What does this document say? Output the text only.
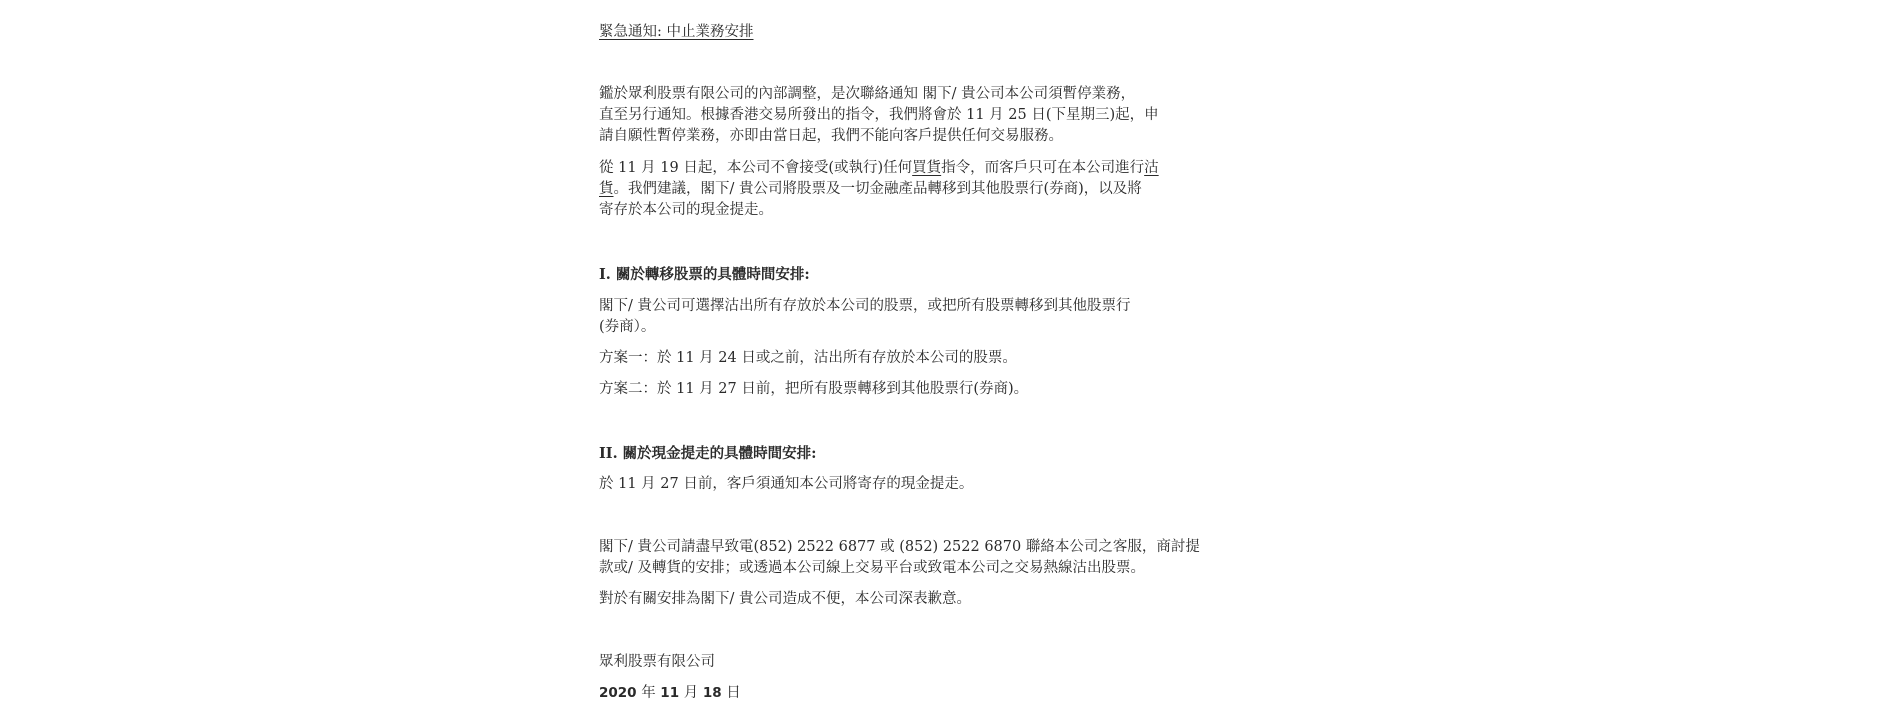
緊急通知: 中止業務安排
鑑於眾利股票有限公司的內部調整，是次聯絡通知 閣下/ 貴公司本公司須暫停業務，
直至另行通知。根據香港交易所發出的指令，我們將會於 11 月 25 日(下星期三)起，申
請自願性暫停業務，亦即由當日起，我們不能向客戶提供任何交易服務。
從 11 月 19 日起，本公司不會接受(或執行)任何買貨指令，而客戶只可在本公司進行沽
貨。我們建議，閣下/ 貴公司將股票及一切金融產品轉移到其他股票行(券商)，以及將
寄存於本公司的現金提走。
I. 關於轉移股票的具體時間安排:
閣下/ 貴公司可選擇沽出所有存放於本公司的股票，或把所有股票轉移到其他股票行
(券商）。
方案一：於 11 月 24 日或之前，沽出所有存放於本公司的股票。
方案二：於 11 月 27 日前，把所有股票轉移到其他股票行(券商)。
II. 關於現金提走的具體時間安排:
於 11 月 27 日前，客戶須通知本公司將寄存的現金提走。
閣下/ 貴公司請盡早致電(852) 2522 6877 或 (852) 2522 6870 聯絡本公司之客服，商討提
款或/ 及轉貨的安排；或透過本公司線上交易平台或致電本公司之交易熱線沽出股票。
對於有關安排為閣下/ 貴公司造成不便，本公司深表歉意。
眾利股票有限公司
2020 年 11 月 18 日
